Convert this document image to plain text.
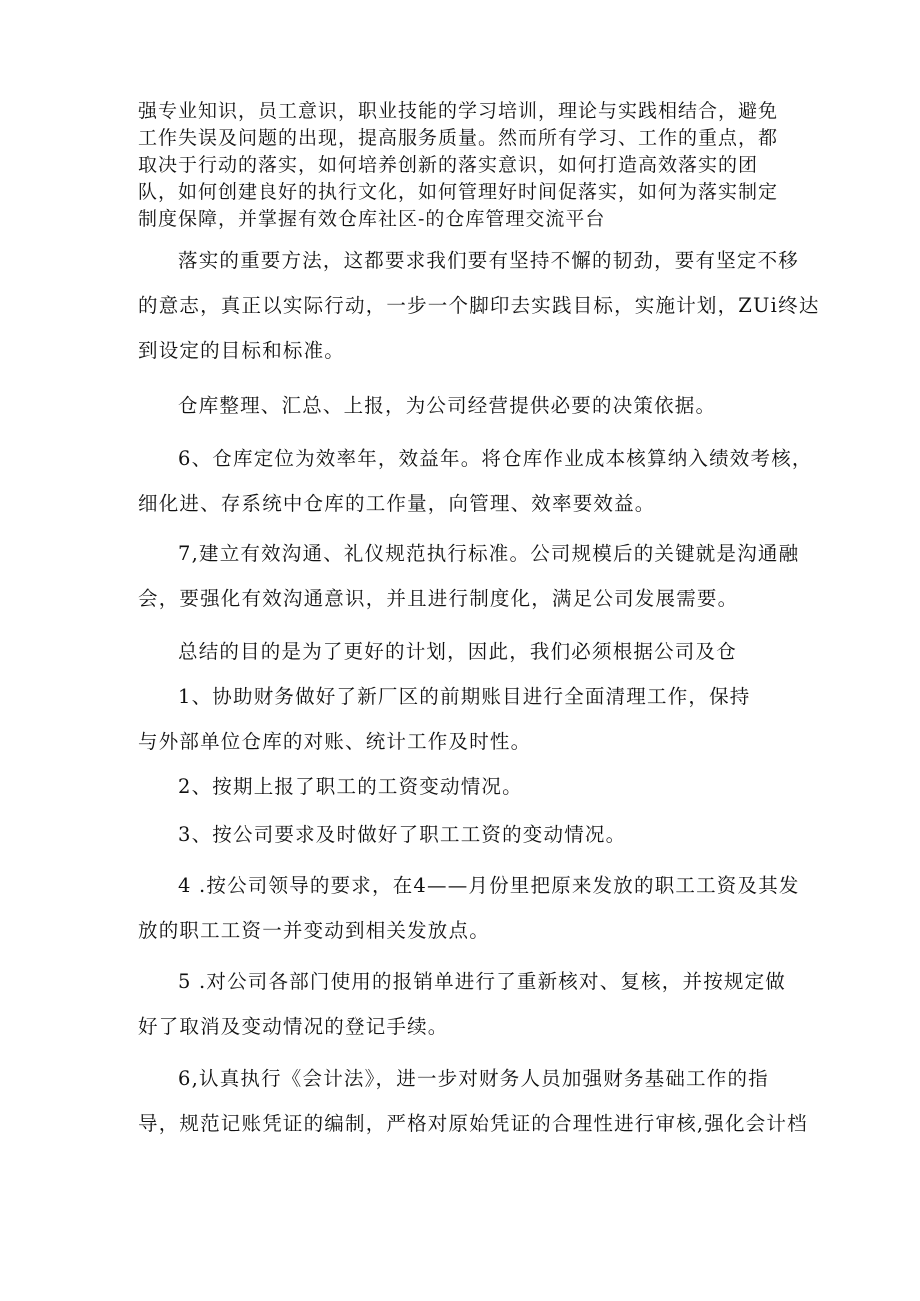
强专业知识，员工意识，职业技能的学习培训，理论与实践相结合，避免
工作失误及问题的出现，提高服务质量。然而所有学习、工作的重点，都
取决于行动的落实，如何培养创新的落实意识，如何打造高效落实的团
队，如何创建良好的执行文化，如何管理好时间促落实，如何为落实制定
制度保障，并掌握有效仓库社区-的仓库管理交流平台
落实的重要方法，这都要求我们要有坚持不懈的韧劲，要有坚定不移
的意志，真正以实际行动，一步一个脚印去实践目标，实施计划，ZUi终达
到设定的目标和标准。
仓库整理、汇总、上报，为公司经营提供必要的决策依据。
6、仓库定位为效率年，效益年。将仓库作业成本核算纳入绩效考核，
细化进、存系统中仓库的工作量，向管理、效率要效益。
7,建立有效沟通、礼仪规范执行标准。公司规模后的关键就是沟通融
会，要强化有效沟通意识，并且进行制度化，满足公司发展需要。
总结的目的是为了更好的计划，因此，我们必须根据公司及仓
1、协助财务做好了新厂区的前期账目进行全面清理工作，保持
与外部单位仓库的对账、统计工作及时性。
2、按期上报了职工的工资变动情况。
3、按公司要求及时做好了职工工资的变动情况。
4 .按公司领导的要求，在4——月份里把原来发放的职工工资及其发
放的职工工资一并变动到相关发放点。
5 .对公司各部门使用的报销单进行了重新核对、复核，并按规定做
好了取消及变动情况的登记手续。
6,认真执行《会计法》，进一步对财务人员加强财务基础工作的指
导，规范记账凭证的编制，严格对原始凭证的合理性进行审核,强化会计档
